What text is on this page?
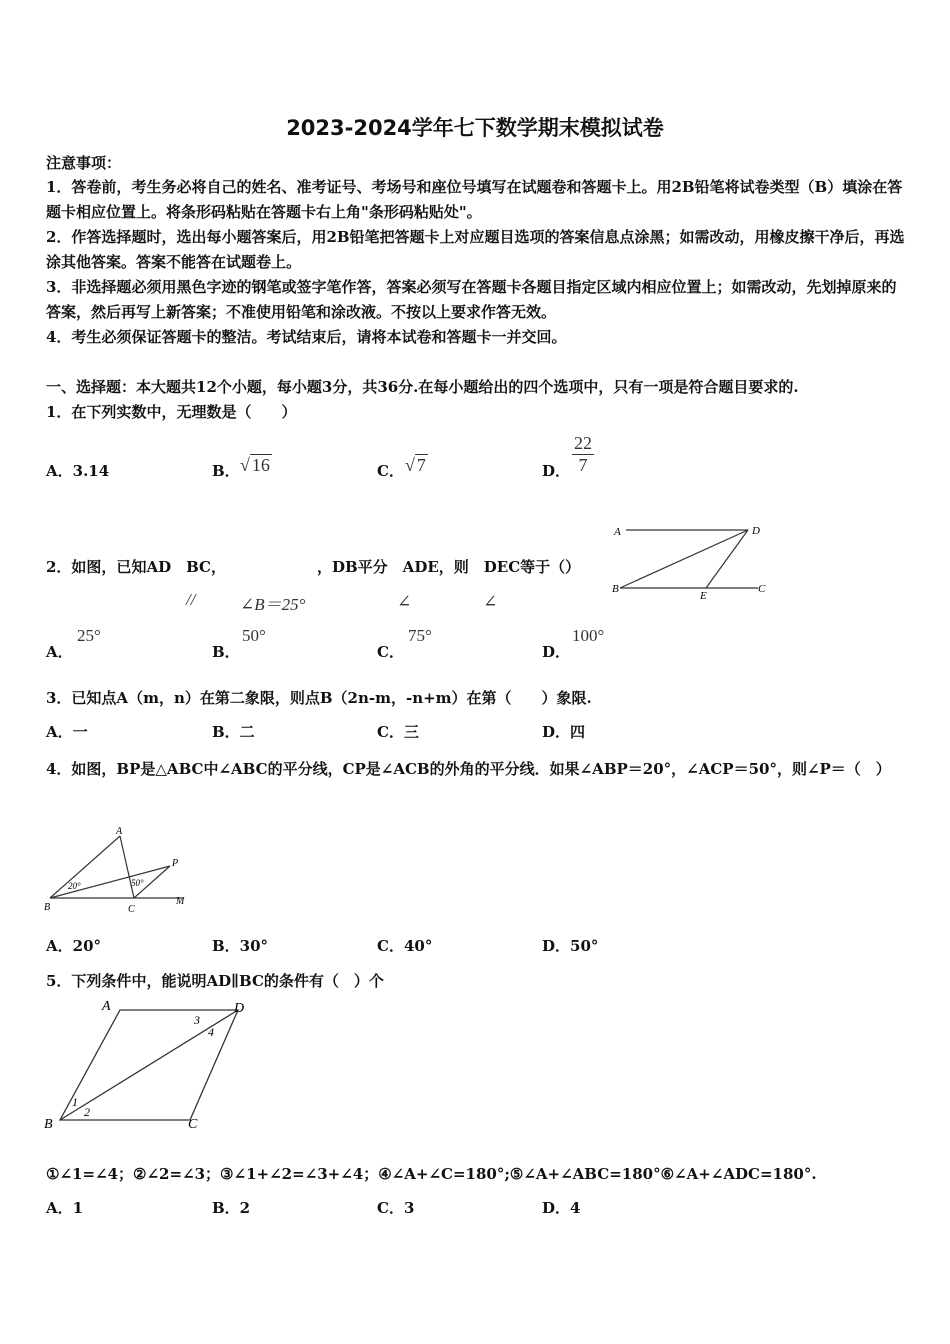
2023-2024学年七下数学期末模拟试卷
注意事项：
1．答卷前，考生务必将自己的姓名、准考证号、考场号和座位号填写在试题卷和答题卡上。用2B铅笔将试卷类型（B）填涂在答题卡相应位置上。将条形码粘贴在答题卡右上角"条形码粘贴处"。
2．作答选择题时，选出每小题答案后，用2B铅笔把答题卡上对应题目选项的答案信息点涂黑；如需改动，用橡皮擦干净后，再选涂其他答案。答案不能答在试题卷上。
3．非选择题必须用黑色字迹的钢笔或签字笔作答，答案必须写在答题卡各题目指定区域内相应位置上；如需改动，先划掉原来的答案，然后再写上新答案；不准使用铅笔和涂改液。不按以上要求作答无效。
4．考生必须保证答题卡的整洁。考试结束后，请将本试卷和答题卡一并交回。
一、选择题：本大题共12个小题，每小题3分，共36分.在每小题给出的四个选项中，只有一项是符合题目要求的.
1．在下列实数中，无理数是（　　）
A．3.14	B． √ 16	C． √ 7	D． $\frac{22}{7}$
2．如图，已知AD　BC，	，DB平分　ADE，则　DEC等于（）
//	∠B＝25°	∠	∠
A．
25°
B．
50°
C．
75°
D．
100°
A	D
B
E
C
3．已知点A（m，n）在第二象限，则点B（2n-m，-n+m）在第（　　）象限.
A．一	B．二	C．三	D．四
4．如图，BP是△ABC中∠ABC的平分线，CP是∠ACB的外角的平分线．如果∠ABP＝20°，∠ACP＝50°，则∠P＝（　）
A
P
B	C
M
20°	50°
A．20°	B．30°	C．40°	D．50°
5．下列条件中，能说明AD∥BC的条件有（　）个
A	D
B	C
1
2
3
4
①∠1=∠4；②∠2=∠3；③∠1+∠2=∠3+∠4；④∠A+∠C=180°;⑤∠A+∠ABC=180°⑥∠A+∠ADC=180°.
A．1	B．2	C．3	D．4
